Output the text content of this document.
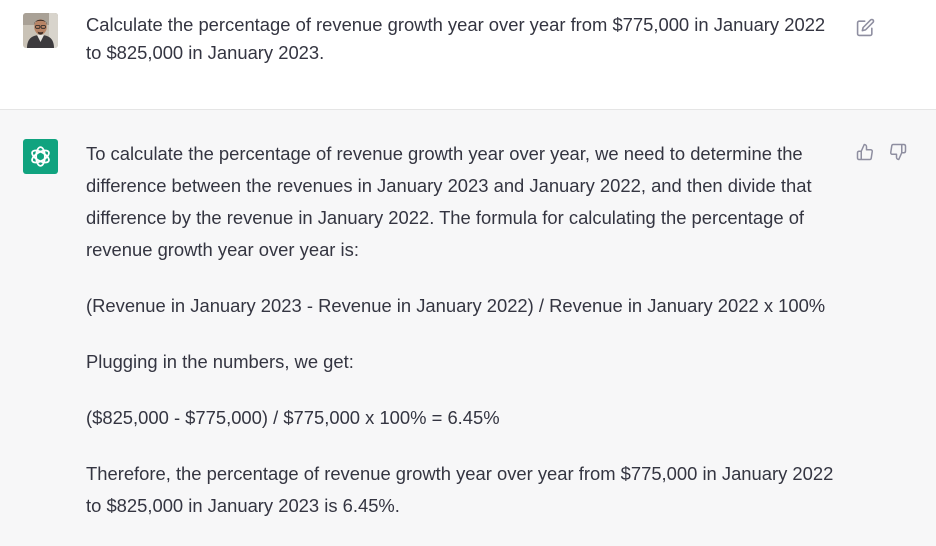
Calculate the percentage of revenue growth year over year from $775,000 in January 2022 to $825,000 in January 2023.

To calculate the percentage of revenue growth year over year, we need to determine the difference between the revenues in January 2023 and January 2022, and then divide that difference by the revenue in January 2022. The formula for calculating the percentage of revenue growth year over year is:

(Revenue in January 2023 - Revenue in January 2022) / Revenue in January 2022 x 100%

Plugging in the numbers, we get:

($825,000 - $775,000) / $775,000 x 100% = 6.45%

Therefore, the percentage of revenue growth year over year from $775,000 in January 2022 to $825,000 in January 2023 is 6.45%.
